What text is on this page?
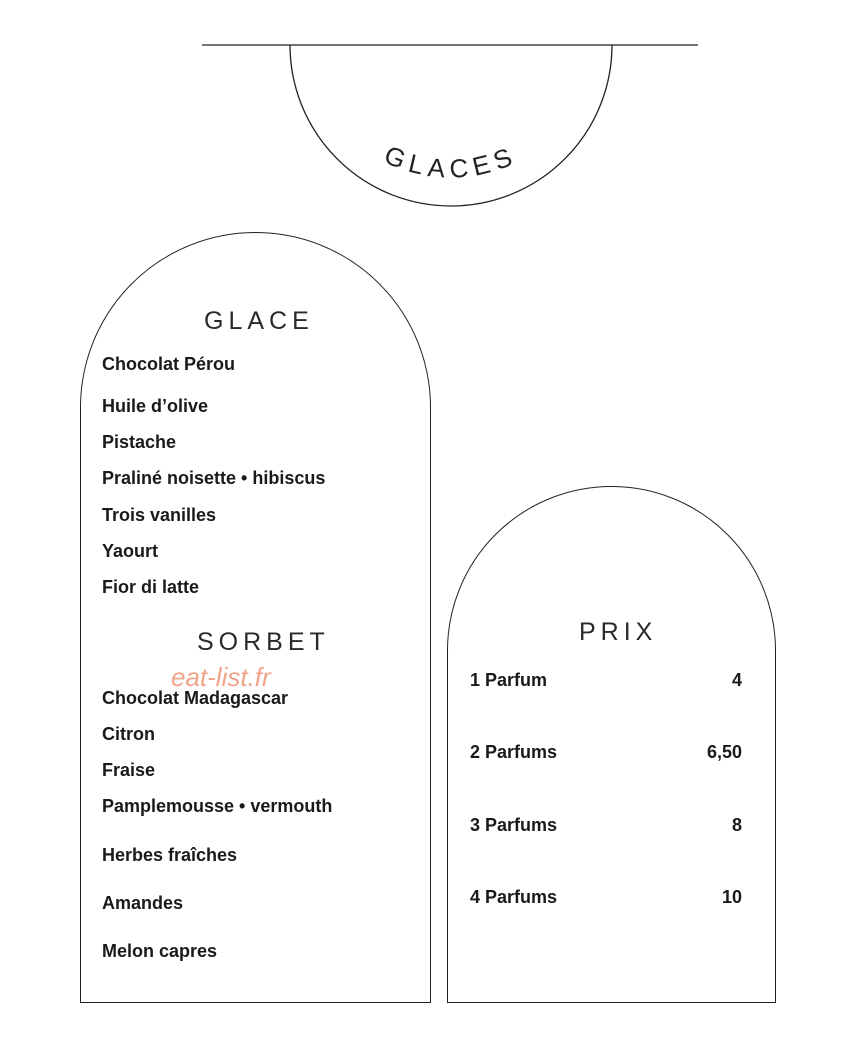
GLACES
GLACE
Chocolat Pérou
Huile d’olive
Pistache
Praliné noisette • hibiscus
Trois vanilles
Yaourt
Fior di latte
SORBET
eat-list.fr
Chocolat Madagascar
Citron
Fraise
Pamplemousse • vermouth
Herbes fraîches
Amandes
Melon capres
PRIX
1 Parfum	4
2 Parfums	6,50
3 Parfums	8
4 Parfums	10
